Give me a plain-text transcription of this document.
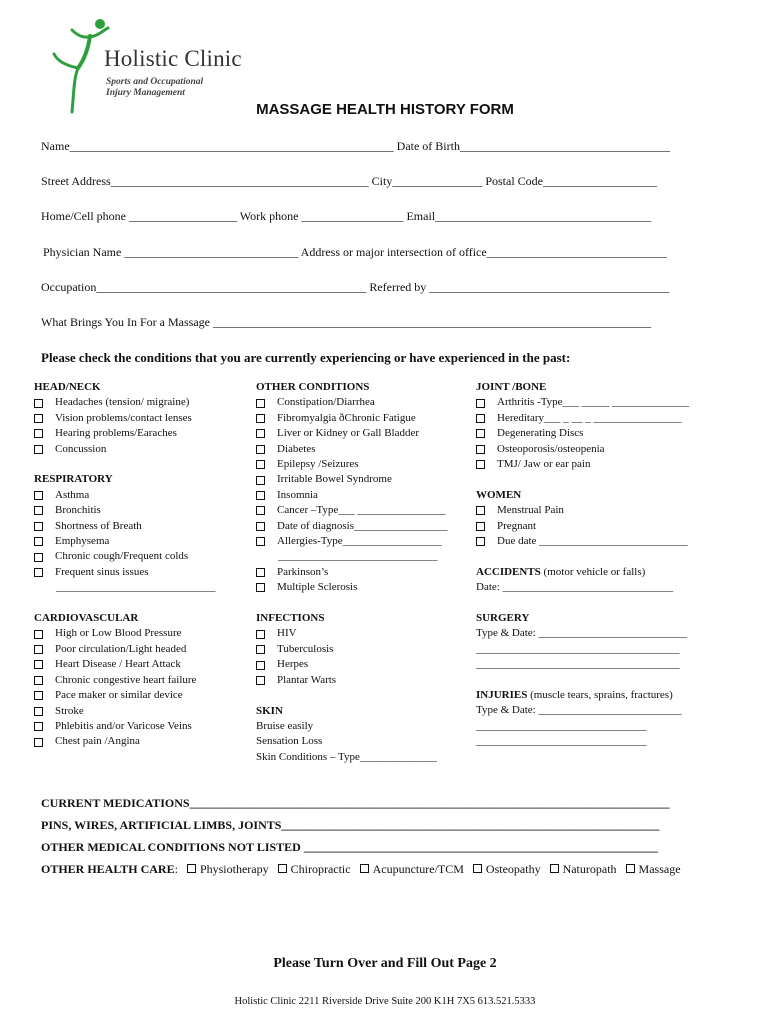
Holistic Clinic
Sports and Occupational
Injury Management
MASSAGE HEALTH HISTORY FORM
Name______________________________________________________ Date of Birth___________________________________
Street Address___________________________________________ City_______________ Postal Code___________________
Home/Cell phone __________________ Work phone _________________ Email____________________________________
Physician Name _____________________________ Address or major intersection of office______________________________
Occupation_____________________________________________ Referred by ________________________________________
What Brings You In For a Massage _________________________________________________________________________
Please check the conditions that you are currently experiencing or have experienced in the past:
HEAD/NECK
Headaches (tension/ migraine)
Vision problems/contact lenses
Hearing problems/Earaches
Concussion
RESPIRATORY
Asthma
Bronchitis
Shortness of Breath
Emphysema
Chronic cough/Frequent colds
Frequent sinus issues
_____________________________
CARDIOVASCULAR
High or Low Blood Pressure
Poor circulation/Light headed
Heart Disease / Heart Attack
Chronic congestive heart failure
Pace maker or similar device
Stroke
Phlebitis and/or Varicose Veins
Chest pain /Angina
OTHER CONDITIONS
Constipation/Diarrhea
Fibromyalgia ðChronic Fatigue
Liver or Kidney or Gall Bladder
Diabetes
Epilepsy /Seizures
Irritable Bowel Syndrome
Insomnia
Cancer –Type___ ________________
Date of diagnosis_________________
Allergies-Type__________________
_____________________________
Parkinson’s
Multiple Sclerosis
INFECTIONS
HIV
Tuberculosis
Herpes
Plantar Warts
SKIN
Bruise easily
Sensation Loss
Skin Conditions – Type______________
JOINT /BONE
Arthritis -Type___ _____ ______________
Hereditary___ _ __ _ ________________
Degenerating Discs
Osteoporosis/osteopenia
TMJ/ Jaw or ear pain
WOMEN
Menstrual Pain
Pregnant
Due date ___________________________
ACCIDENTS (motor vehicle or falls)
Date: _______________________________
SURGERY
Type & Date: ___________________________
_____________________________________
_____________________________________
INJURIES (muscle tears, sprains, fractures)
Type & Date: __________________________
_______________________________
_______________________________
CURRENT MEDICATIONS________________________________________________________________________________
PINS, WIRES, ARTIFICIAL LIMBS, JOINTS_______________________________________________________________
OTHER MEDICAL CONDITIONS NOT LISTED ___________________________________________________________
OTHER HEALTH CARE: Physiotherapy Chiropractic Acupuncture/TCM Osteopathy Naturopath Massage
Please Turn Over and Fill Out Page 2
Holistic Clinic 2211 Riverside Drive Suite 200 K1H 7X5 613.521.5333
